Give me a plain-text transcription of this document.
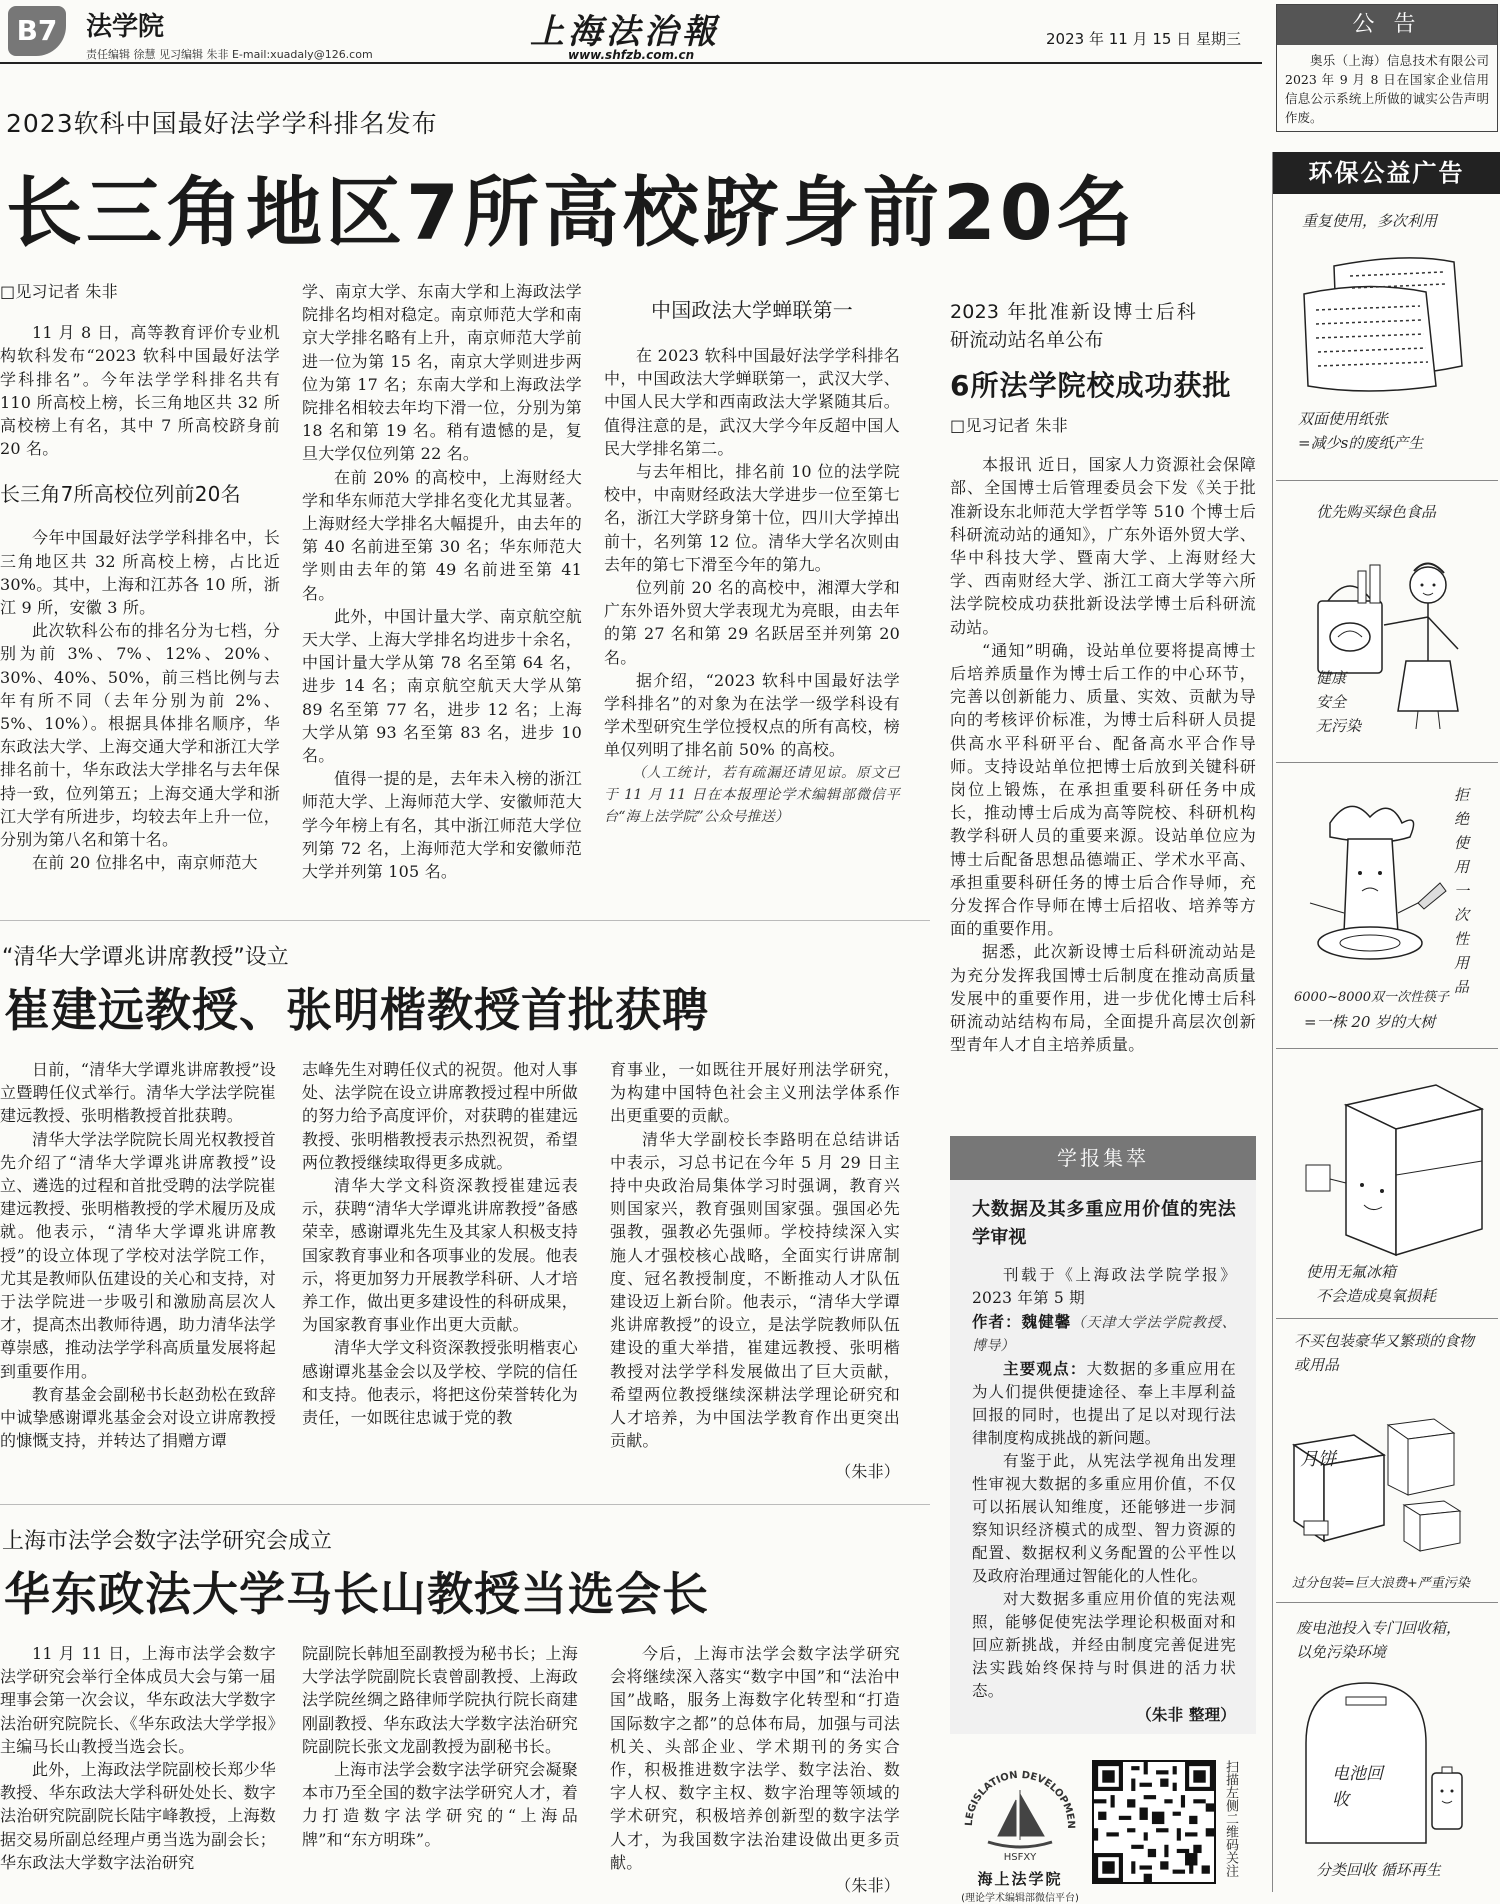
B7	法学院
责任编辑 徐慧 见习编辑 朱非 E-mail:xuadaly@126.com
上海法治報
www.shfzb.com.cn
2023 年 11 月 15 日 星期三
公 告
奥乐（上海）信息技术有限公司 2023 年 9 月 8 日在国家企业信用信息公示系统上所做的诚实公告声明作废。
2023软科中国最好法学学科排名发布
长三角地区7所高校跻身前20名

□见习记者 朱非

11 月 8 日，高等教育评价专业机构软科发布“2023 软科中国最好法学学科排名”。今年法学学科排名共有 110 所高校上榜，长三角地区共 32 所高校榜上有名，其中 7 所高校跻身前 20 名。

长三角7所高校位列前20名

今年中国最好法学学科排名中，长三角地区共 32 所高校上榜，占比近 30%。其中，上海和江苏各 10 所，浙江 9 所，安徽 3 所。

此次软科公布的排名分为七档，分别为前 3%、7%、12%、20%、30%、40%、50%，前三档比例与去年有所不同（去年分别为前 2%、5%、10%）。根据具体排名顺序，华东政法大学、上海交通大学和浙江大学排名前十，华东政法大学排名与去年保持一致，位列第五；上海交通大学和浙江大学有所进步，均较去年上升一位，分别为第八名和第十名。

在前 20 位排名中，南京师范大

学、南京大学、东南大学和上海政法学院排名均相对稳定。南京师范大学和南京大学排名略有上升，南京师范大学前进一位为第 15 名，南京大学则进步两位为第 17 名；东南大学和上海政法学院排名相较去年均下滑一位，分别为第 18 名和第 19 名。稍有遗憾的是，复旦大学仅位列第 22 名。

在前 20% 的高校中，上海财经大学和华东师范大学排名变化尤其显著。上海财经大学排名大幅提升，由去年的第 40 名前进至第 30 名；华东师范大学则由去年的第 49 名前进至第 41 名。

此外，中国计量大学、南京航空航天大学、上海大学排名均进步十余名，中国计量大学从第 78 名至第 64 名，进步 14 名；南京航空航天大学从第 89 名至第 77 名，进步 12 名；上海大学从第 93 名至第 83 名，进步 10 名。

值得一提的是，去年未入榜的浙江师范大学、上海师范大学、安徽师范大学今年榜上有名，其中浙江师范大学位列第 72 名，上海师范大学和安徽师范大学并列第 105 名。

中国政法大学蝉联第一

在 2023 软科中国最好法学学科排名中，中国政法大学蝉联第一，武汉大学、中国人民大学和西南政法大学紧随其后。值得注意的是，武汉大学今年反超中国人民大学排名第二。

与去年相比，排名前 10 位的法学院校中，中南财经政法大学进步一位至第七名，浙江大学跻身第十位，四川大学掉出前十，名列第 12 位。清华大学名次则由去年的第七下滑至今年的第九。

位列前 20 名的高校中，湘潭大学和广东外语外贸大学表现尤为亮眼，由去年的第 27 名和第 29 名跃居至并列第 20 名。

据介绍，“2023 软科中国最好法学学科排名”的对象为在法学一级学科设有学术型研究生学位授权点的所有高校，榜单仅列明了排名前 50% 的高校。

（人工统计，若有疏漏还请见谅。原文已于 11 月 11 日在本报理论学术编辑部微信平台“海上法学院”公众号推送）

2023 年批准新设博士后科研流动站名单公布

6所法学院校成功获批

□见习记者 朱非

本报讯 近日，国家人力资源社会保障部、全国博士后管理委员会下发《关于批准新设东北师范大学哲学等 510 个博士后科研流动站的通知》，广东外语外贸大学、华中科技大学、暨南大学、上海财经大学、西南财经大学、浙江工商大学等六所法学院校成功获批新设法学博士后科研流动站。

“通知”明确，设站单位要将提高博士后培养质量作为博士后工作的中心环节，完善以创新能力、质量、实效、贡献为导向的考核评价标准，为博士后科研人员提供高水平科研平台、配备高水平合作导师。支持设站单位把博士后放到关键科研岗位上锻炼，在承担重要科研任务中成长，推动博士后成为高等院校、科研机构教学科研人员的重要来源。设站单位应为博士后配备思想品德端正、学术水平高、承担重要科研任务的博士后合作导师，充分发挥合作导师在博士后招收、培养等方面的重要作用。

据悉，此次新设博士后科研流动站是为充分发挥我国博士后制度在推动高质量发展中的重要作用，进一步优化博士后科研流动站结构布局，全面提升高层次创新型青年人才自主培养质量。

“清华大学谭兆讲席教授”设立
崔建远教授、张明楷教授首批获聘

日前，“清华大学谭兆讲席教授”设立暨聘任仪式举行。清华大学法学院崔建远教授、张明楷教授首批获聘。

清华大学法学院院长周光权教授首先介绍了“清华大学谭兆讲席教授”设立、遴选的过程和首批受聘的法学院崔建远教授、张明楷教授的学术履历及成就。他表示，“清华大学谭兆讲席教授”的设立体现了学校对法学院工作，尤其是教师队伍建设的关心和支持，对于法学院进一步吸引和激励高层次人才，提高杰出教师待遇，助力清华法学尊崇感，推动法学学科高质量发展将起到重要作用。

教育基金会副秘书长赵劲松在致辞中诚挚感谢谭兆基金会对设立讲席教授的慷慨支持，并转达了捐赠方谭

志峰先生对聘任仪式的祝贺。他对人事处、法学院在设立讲席教授过程中所做的努力给予高度评价，对获聘的崔建远教授、张明楷教授表示热烈祝贺，希望两位教授继续取得更多成就。

清华大学文科资深教授崔建远表示，获聘“清华大学谭兆讲席教授”备感荣幸，感谢谭兆先生及其家人积极支持国家教育事业和各项事业的发展。他表示，将更加努力开展教学科研、人才培养工作，做出更多建设性的科研成果，为国家教育事业作出更大贡献。

清华大学文科资深教授张明楷衷心感谢谭兆基金会以及学校、学院的信任和支持。他表示，将把这份荣誉转化为责任，一如既往忠诚于党的教

育事业，一如既往开展好刑法学研究，为构建中国特色社会主义刑法学体系作出更重要的贡献。

清华大学副校长李路明在总结讲话中表示，习总书记在今年 5 月 29 日主持中央政治局集体学习时强调，教育兴则国家兴，教育强则国家强。强国必先强教，强教必先强师。学校持续深入实施人才强校核心战略，全面实行讲席制度、冠名教授制度，不断推动人才队伍建设迈上新台阶。他表示，“清华大学谭兆讲席教授”的设立，是法学院教师队伍建设的重大举措，崔建远教授、张明楷教授对法学学科发展做出了巨大贡献，希望两位教授继续深耕法学理论研究和人才培养，为中国法学教育作出更突出贡献。

（朱非）

上海市法学会数字法学研究会成立
华东政法大学马长山教授当选会长

11 月 11 日，上海市法学会数字法学研究会举行全体成员大会与第一届理事会第一次会议，华东政法大学数字法治研究院院长、《华东政法大学学报》主编马长山教授当选会长。

此外，上海政法学院副校长郑少华教授、华东政法大学科研处处长、数字法治研究院副院长陆宇峰教授，上海数据交易所副总经理卢勇当选为副会长；华东政法大学数字法治研究

院副院长韩旭至副教授为秘书长；上海大学法学院副院长袁曾副教授、上海政法学院丝绸之路律师学院执行院长商建刚副教授、华东政法大学数字法治研究院副院长张文龙副教授为副秘书长。

上海市法学会数字法学研究会凝聚本市乃至全国的数字法学研究人才，着力打造数字法学研究的“上海品牌”和“东方明珠”。

今后，上海市法学会数字法学研究会将继续深入落实“数字中国”和“法治中国”战略，服务上海数字化转型和“打造国际数字之都”的总体布局，加强与司法机关、头部企业、学术期刊的务实合作，积极推进数字法学、数字法治、数字人权、数字主权、数字治理等领域的学术研究，积极培养创新型的数字法学人才，为我国数字法治建设做出更多贡献。

（朱非）

学报集萃

大数据及其多重应用价值的宪法学审视

刊载于《上海政法学院学报》2023 年第 5 期

作者：魏健馨（天津大学法学院教授、博导）

主要观点：大数据的多重应用在为人们提供便捷途径、奉上丰厚利益回报的同时，也提出了足以对现行法律制度构成挑战的新问题。

有鉴于此，从宪法学视角出发理性审视大数据的多重应用价值，不仅可以拓展认知维度，还能够进一步洞察知识经济模式的成型、智力资源的配置、数据权利义务配置的公平性以及政府治理通过智能化的人性化。

对大数据多重应用价值的宪法观照，能够促使宪法学理论积极面对和回应新挑战，并经由制度完善促进宪法实践始终保持与时俱进的活力状态。

（朱非 整理）

LEGISLATION DEVELOPMEN
HSFXY
海上法学院
(理论学术编辑部微信平台)
扫描左侧二维码关注
环保公益广告
重复使用，多次利用
双面使用纸张
=减少s的废纸产生
优先购买绿色食品
健康
安全
无污染
拒绝使用一次性用品
6000~8000双一次性筷子
=一株 20 岁的大树
使用无氟冰箱
不会造成臭氧损耗
不买包装豪华又繁琐的食物或用品
月饼
过分包装=巨大浪费+严重污染
废电池投入专门回收箱，
以免污染环境
电池回收
分类回收 循环再生
